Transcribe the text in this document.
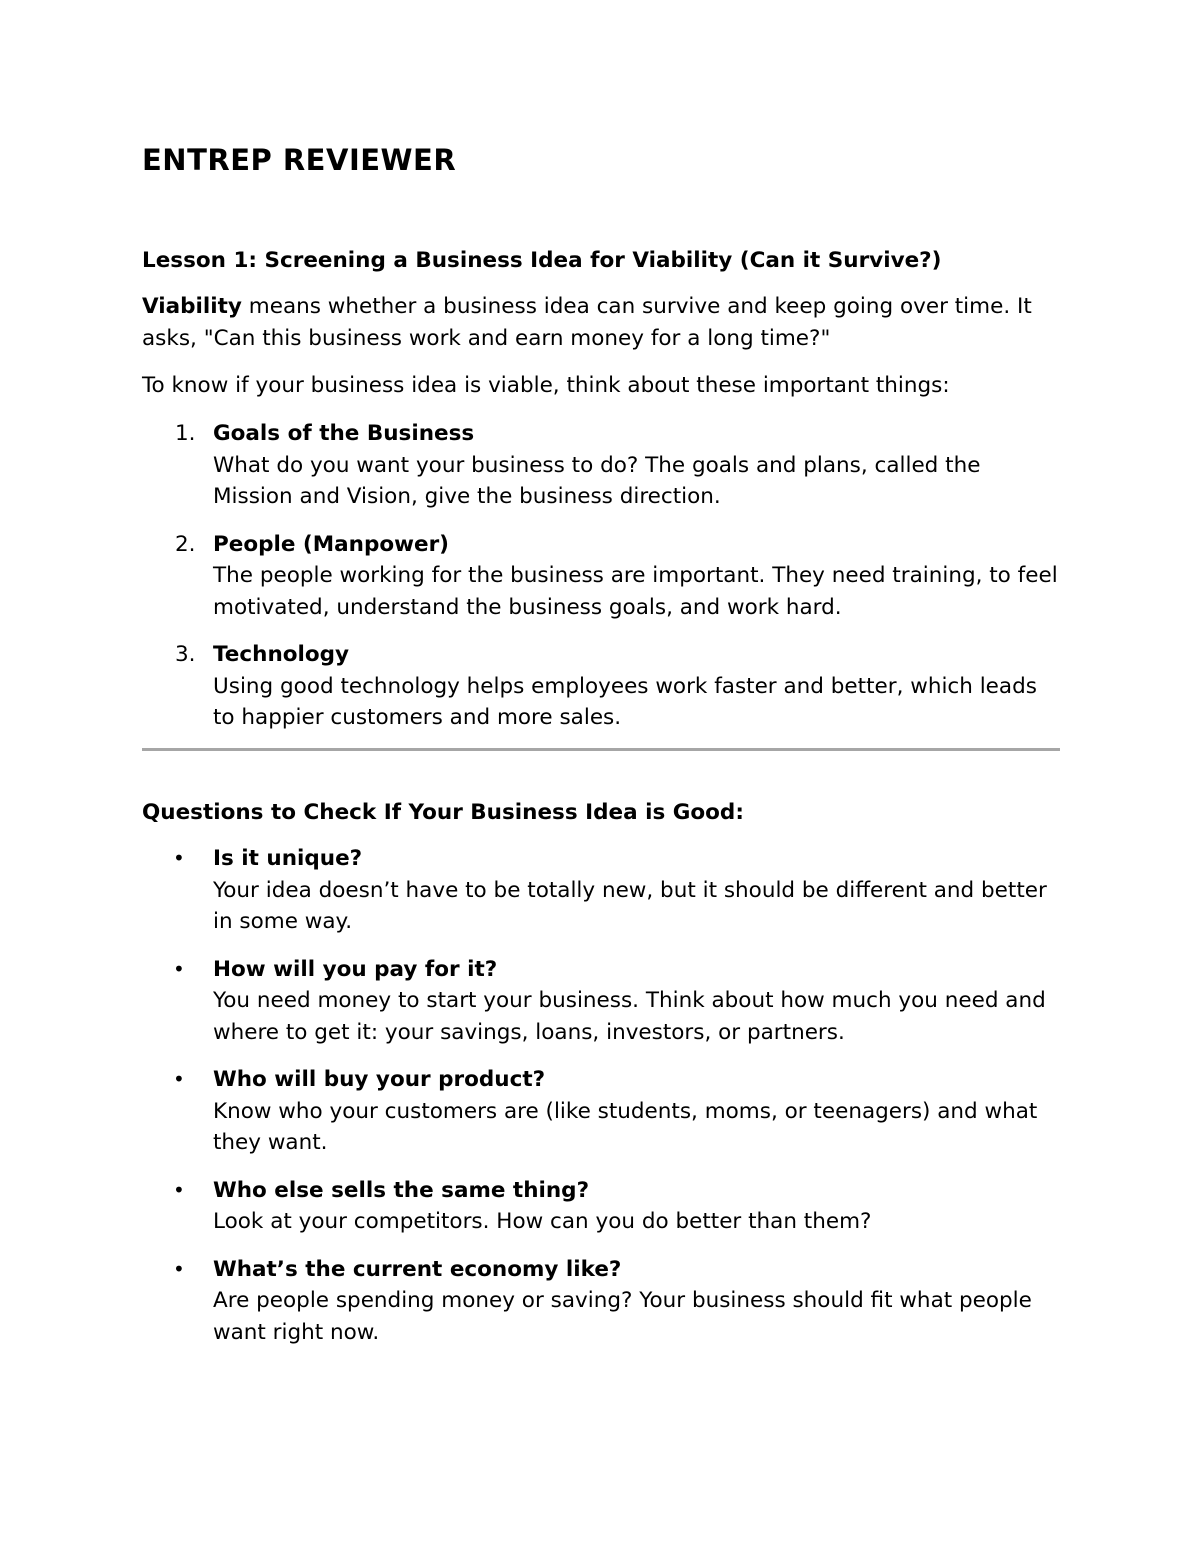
ENTREP REVIEWER
Lesson 1: Screening a Business Idea for Viability (Can it Survive?)

Viability means whether a business idea can survive and keep going over time. It asks, "Can this business work and earn money for a long time?"

To know if your business idea is viable, think about these important things:

1. Goals of the Business
What do you want your business to do? The goals and plans, called the Mission and Vision, give the business direction.
2. People (Manpower)
The people working for the business are important. They need training, to feel motivated, understand the business goals, and work hard.
3. Technology
Using good technology helps employees work faster and better, which leads to happier customers and more sales.
Questions to Check If Your Business Idea is Good:
• Is it unique?
Your idea doesn’t have to be totally new, but it should be different and better in some way.
• How will you pay for it?
You need money to start your business. Think about how much you need and where to get it: your savings, loans, investors, or partners.
• Who will buy your product?
Know who your customers are (like students, moms, or teenagers) and what they want.
• Who else sells the same thing?
Look at your competitors. How can you do better than them?
• What’s the current economy like?
Are people spending money or saving? Your business should fit what people want right now.
